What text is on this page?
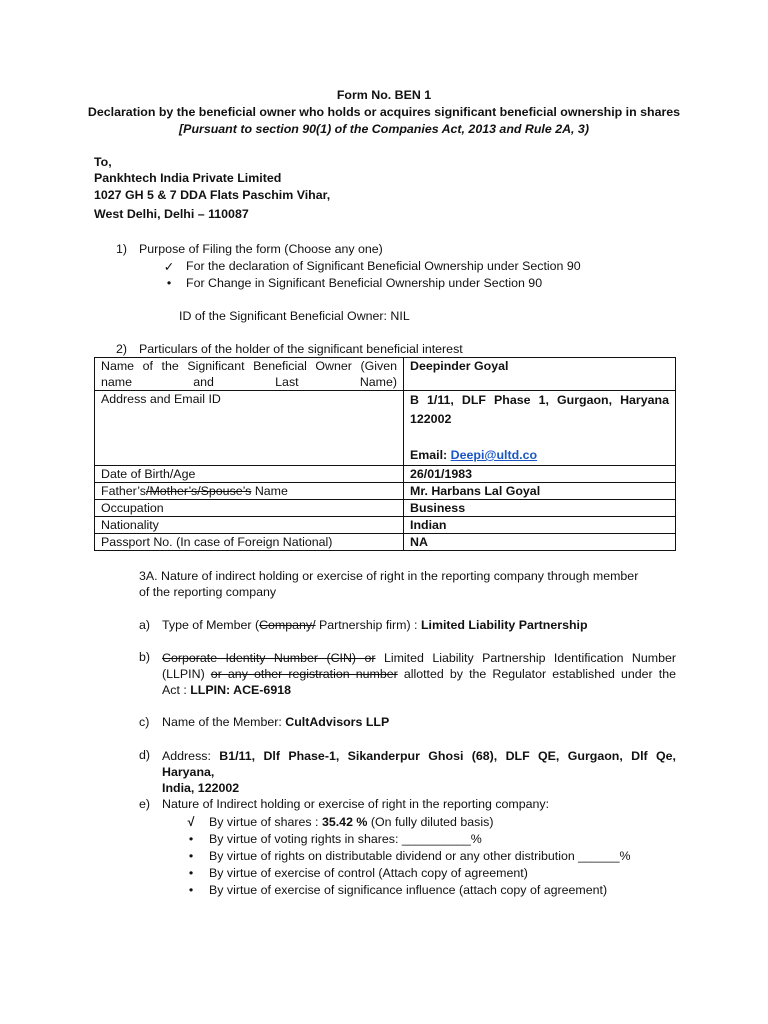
Form No. BEN 1
Declaration by the beneficial owner who holds or acquires significant beneficial ownership in shares
[Pursuant to section 90(1) of the Companies Act, 2013 and Rule 2A, 3)
To,
Pankhtech India Private Limited
1027 GH 5 & 7 DDA Flats Paschim Vihar,
West Delhi, Delhi – 110087
1) Purpose of Filing the form (Choose any one)
✓ For the declaration of Significant Beneficial Ownership under Section 90
•	For Change in Significant Beneficial Ownership under Section 90
ID of the Significant Beneficial Owner: NIL
2) Particulars of the holder of the significant beneficial interest
Name of the Significant Beneficial Owner (Given name and Last Name)	Deepinder Goyal
Address and Email ID	B 1/11, DLF Phase 1, Gurgaon, Haryana 122002
Email: Deepi@ultd.co

Date of Birth/Age	26/01/1983
Father’s/Mother’s/Spouse’s Name	Mr. Harbans Lal Goyal
Occupation	Business
Nationality	Indian
Passport No. (In case of Foreign National)	NA
3A. Nature of indirect holding or exercise of right in the reporting company through member
of the reporting company
a) Type of Member (Company/ Partnership firm) : Limited Liability Partnership
b) Corporate Identity Number (CIN) or Limited Liability Partnership Identification Number
(LLPIN) or any other registration number allotted by the Regulator established under the
Act : LLPIN: ACE-6918
c) Name of the Member: CultAdvisors LLP
d) Address: B1/11, Dlf Phase-1, Sikanderpur Ghosi (68), DLF QE, Gurgaon, Dlf Qe, Haryana,
India, 122002
e) Nature of Indirect holding or exercise of right in the reporting company:
√ By virtue of shares : 35.42 % (On fully diluted basis)
•	By virtue of voting rights in shares: __________%
•	By virtue of rights on distributable dividend or any other distribution ______%
•	By virtue of exercise of control (Attach copy of agreement)
•	By virtue of exercise of significance influence (attach copy of agreement)
